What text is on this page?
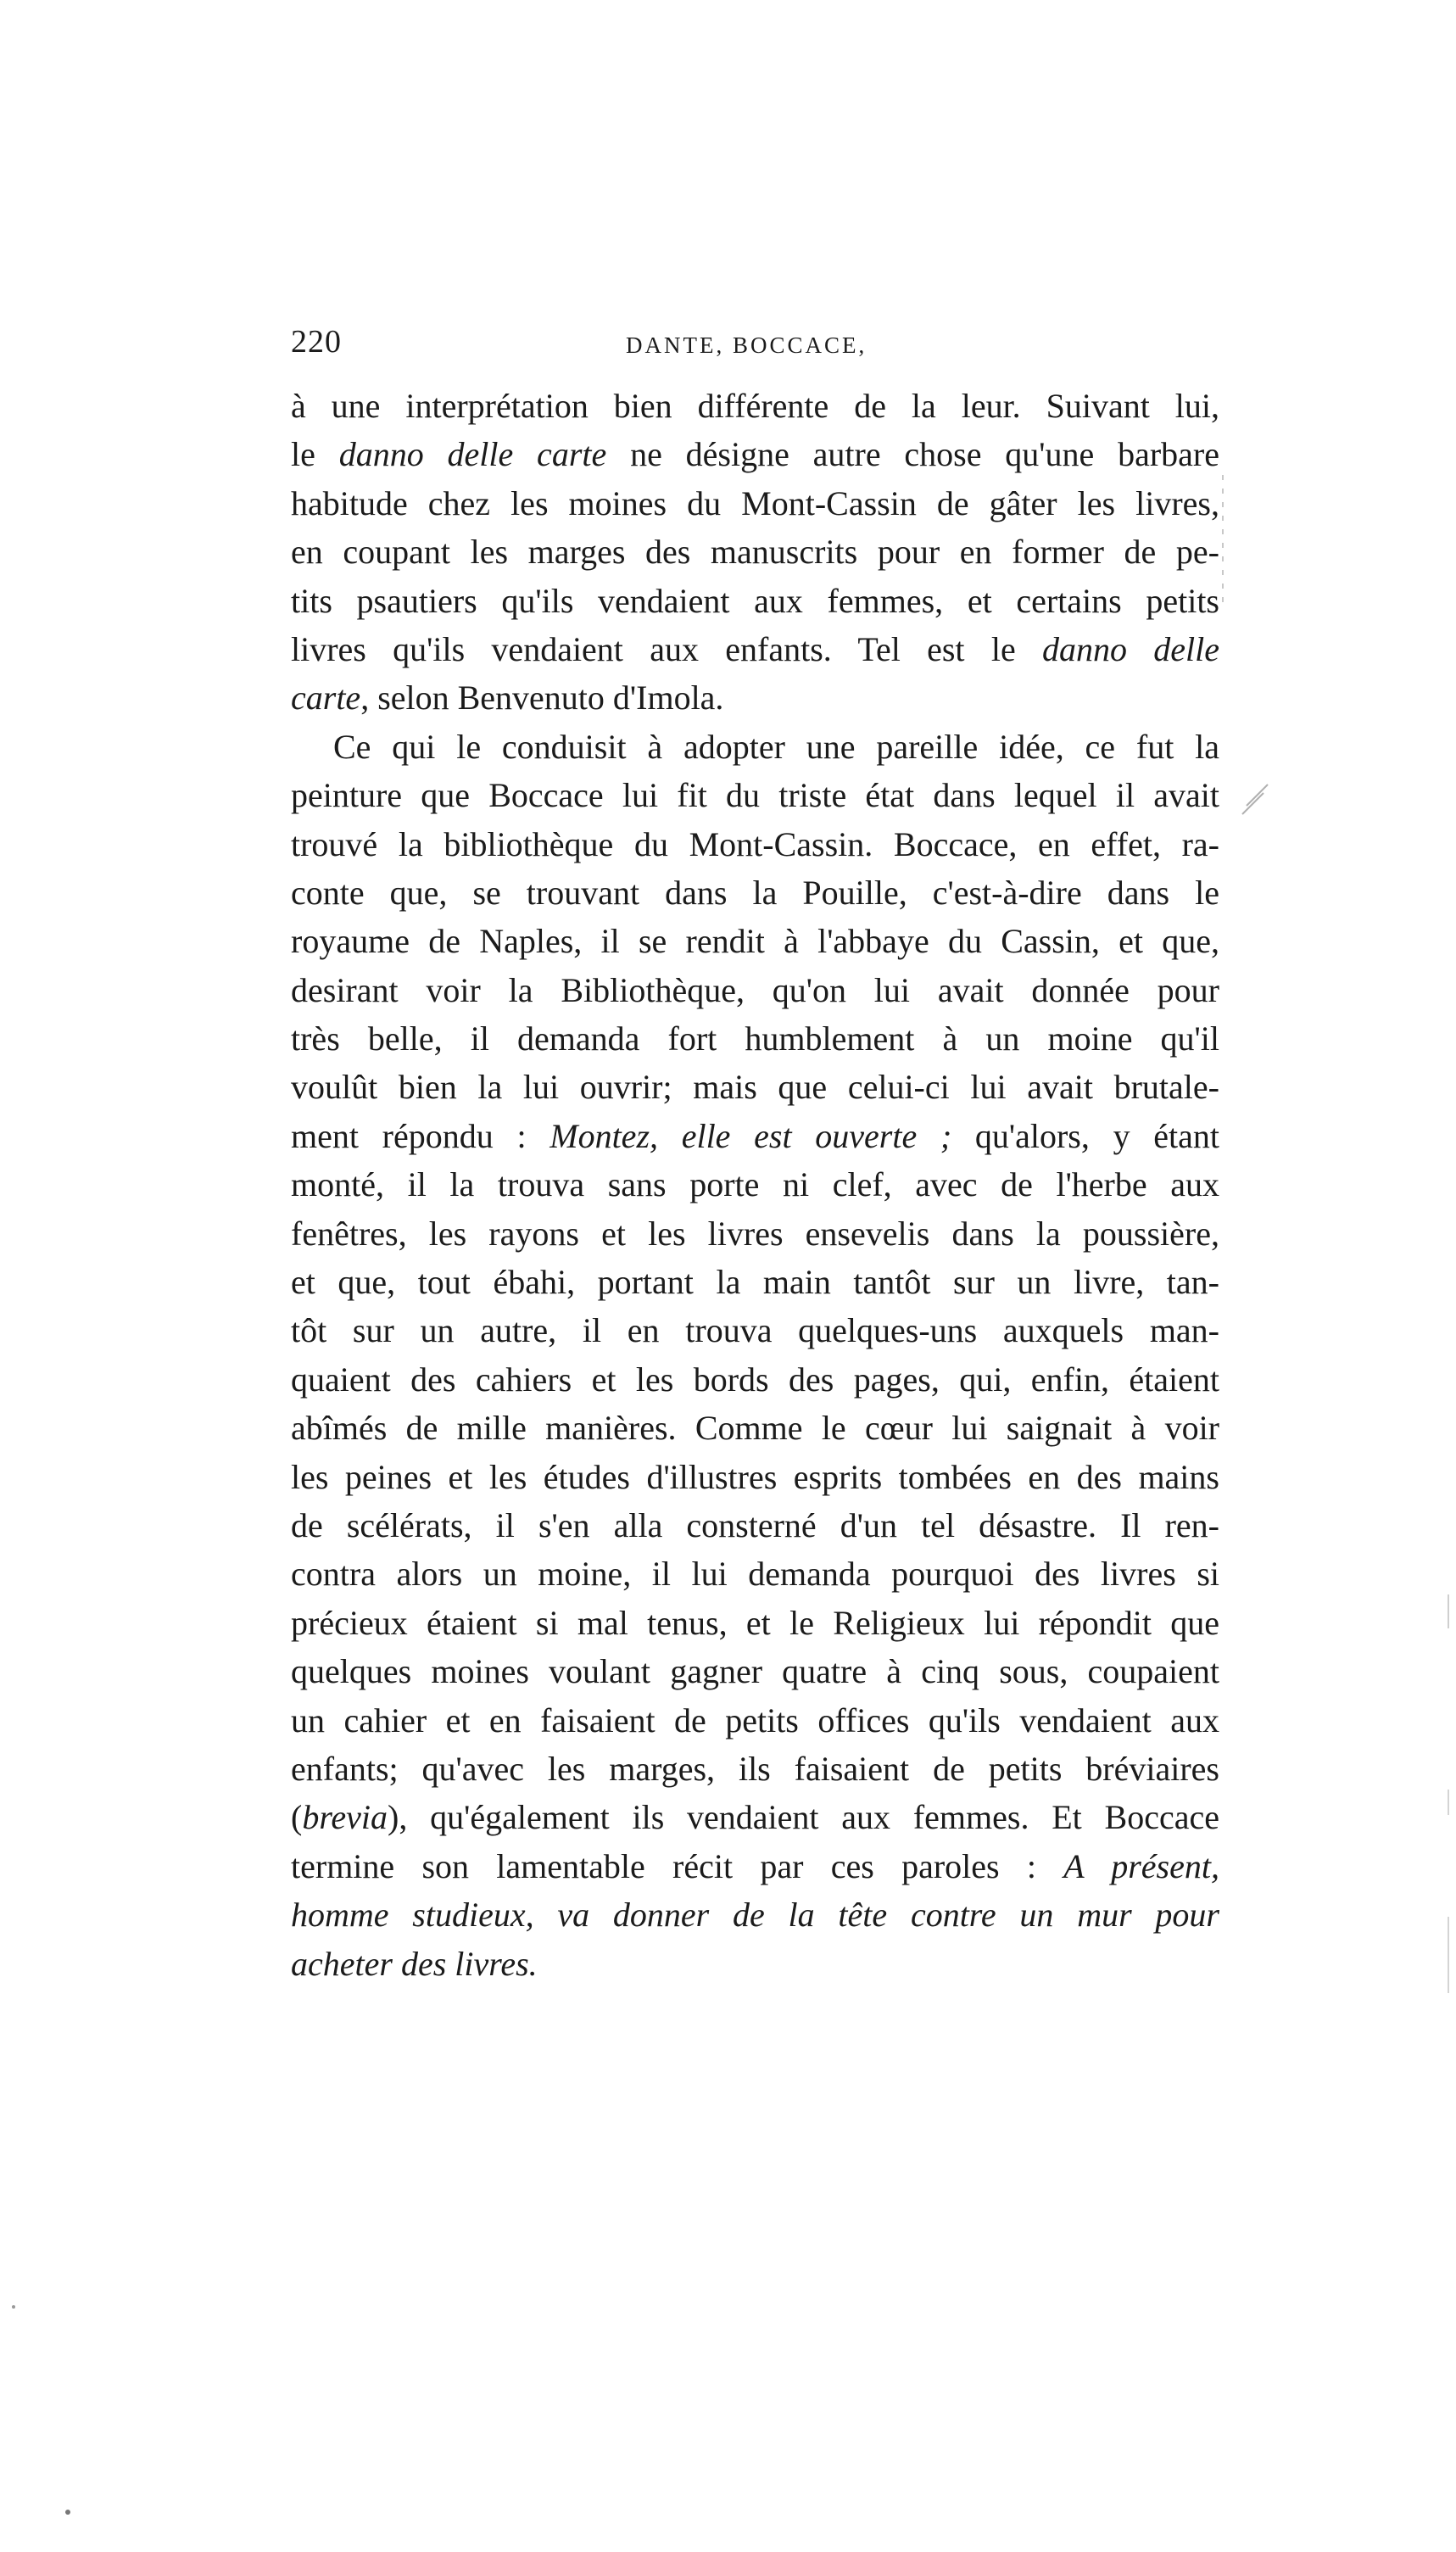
220	DANTE, BOCCACE,
à une interprétation bien différente de la leur. Suivant lui,
le danno delle carte ne désigne autre chose qu'une barbare
habitude chez les moines du Mont-Cassin de gâter les livres,
en coupant les marges des manuscrits pour en former de pe-
tits psautiers qu'ils vendaient aux femmes, et certains petits
livres qu'ils vendaient aux enfants. Tel est le danno delle
carte, selon Benvenuto d'Imola.
Ce qui le conduisit à adopter une pareille idée, ce fut la
peinture que Boccace lui fit du triste état dans lequel il avait
trouvé la bibliothèque du Mont-Cassin. Boccace, en effet, ra-
conte que, se trouvant dans la Pouille, c'est-à-dire dans le
royaume de Naples, il se rendit à l'abbaye du Cassin, et que,
desirant voir la Bibliothèque, qu'on lui avait donnée pour
très belle, il demanda fort humblement à un moine qu'il
voulût bien la lui ouvrir; mais que celui-ci lui avait brutale-
ment répondu : Montez, elle est ouverte ; qu'alors, y étant
monté, il la trouva sans porte ni clef, avec de l'herbe aux
fenêtres, les rayons et les livres ensevelis dans la poussière,
et que, tout ébahi, portant la main tantôt sur un livre, tan-
tôt sur un autre, il en trouva quelques-uns auxquels man-
quaient des cahiers et les bords des pages, qui, enfin, étaient
abîmés de mille manières. Comme le cœur lui saignait à voir
les peines et les études d'illustres esprits tombées en des mains
de scélérats, il s'en alla consterné d'un tel désastre. Il ren-
contra alors un moine, il lui demanda pourquoi des livres si
précieux étaient si mal tenus, et le Religieux lui répondit que
quelques moines voulant gagner quatre à cinq sous, coupaient
un cahier et en faisaient de petits offices qu'ils vendaient aux
enfants; qu'avec les marges, ils faisaient de petits bréviaires
(brevia), qu'également ils vendaient aux femmes. Et Boccace
termine son lamentable récit par ces paroles : A présent,
homme studieux, va donner de la tête contre un mur pour
acheter des livres.
